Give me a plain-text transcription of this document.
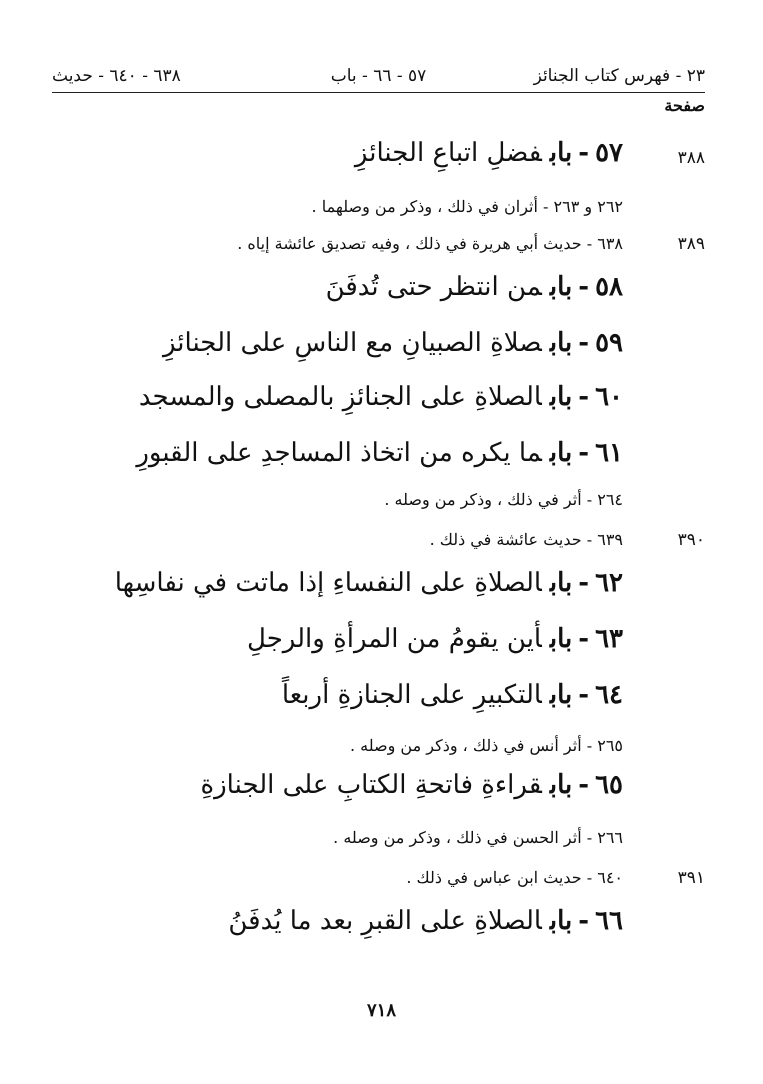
٢٣ - فهرس كتاب الجنائز
٥٧ - ٦٦ - باب
٦٣٨ - ٦٤٠ - حديث
صفحة
٣٨٨
٥٧-بابفضلِ اتباعِ الجنائزِ
٢٦٢ و ٢٦٣ - أثران في ذلك ، وذكر من وصلهما .
٣٨٩
٦٣٨ - حديث أبي هريرة في ذلك ، وفيه تصديق عائشة إياه .
٥٨-بابمن انتظر حتى تُدفَنَ
٥٩-بابصلاةِ الصبيانِ مع الناسِ على الجنائزِ
٦٠-بابالصلاةِ على الجنائزِ بالمصلى والمسجد
٦١-بابما يكره من اتخاذ المساجدِ على القبورِ
٢٦٤ - أثر في ذلك ، وذكر من وصله .
٣٩٠
٦٣٩ - حديث عائشة في ذلك .
٦٢-بابالصلاةِ على النفساءِ إذا ماتت في نفاسِها
٦٣-بابأين يقومُ من المرأةِ والرجلِ
٦٤-بابالتكبيرِ على الجنازةِ أربعاً
٢٦٥ - أثر أنس في ذلك ، وذكر من وصله .
٦٥-بابقراءةِ فاتحةِ الكتابِ على الجنازةِ
٢٦٦ - أثر الحسن في ذلك ، وذكر من وصله .
٣٩١
٦٤٠ - حديث ابن عباس في ذلك .
٦٦-بابالصلاةِ على القبرِ بعد ما يُدفَنُ
٧١٨
